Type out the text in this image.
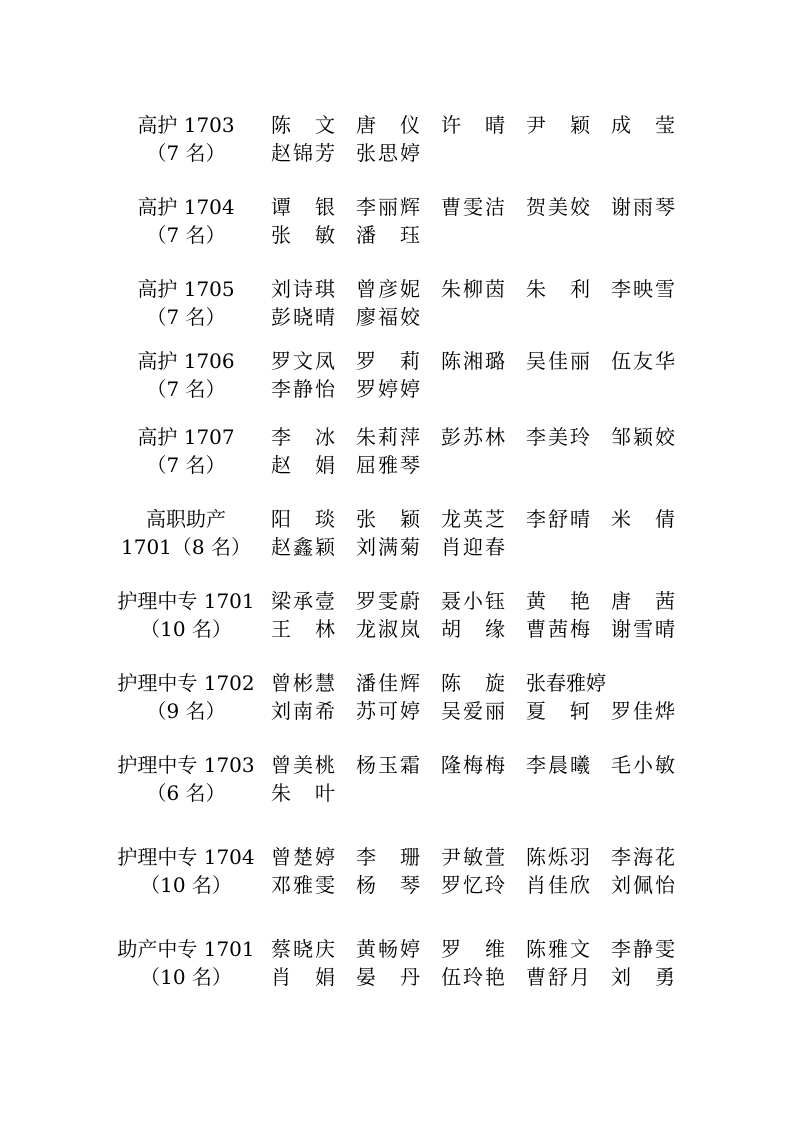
高护 1703
（7 名）
陈文 唐仪 许晴 尹颖 成莹
赵锦芳 张思婷
高护 1704
（7 名）
谭银 李丽辉 曹雯洁 贺美姣 谢雨琴
张敏 潘珏
高护 1705
（7 名）
刘诗琪 曾彦妮 朱柳茵 朱利 李映雪
彭晓晴 廖福姣
高护 1706
（7 名）
罗文凤 罗莉 陈湘璐 吴佳丽 伍友华
李静怡 罗婷婷
高护 1707
（7 名）
李冰 朱莉萍 彭苏林 李美玲 邹颖姣
赵娟 屈雅琴
高职助产
1701（8 名）
阳琰 张颖 龙英芝 李舒晴 米倩
赵鑫颖 刘满菊 肖迎春
护理中专 1701
（10 名）
梁承壹 罗雯蔚 聂小钰 黄艳 唐茜
王林 龙淑岚 胡缘 曹茜梅 谢雪晴
护理中专 1702
（9 名）
曾彬慧 潘佳辉 陈旋 张春雅婷
刘南希 苏可婷 吴爱丽 夏轲 罗佳烨
护理中专 1703
（6 名）
曾美桃 杨玉霜 隆梅梅 李晨曦 毛小敏
朱叶
护理中专 1704
（10 名）
曾楚婷 李珊 尹敏萱 陈烁羽 李海花
邓雅雯 杨琴 罗忆玲 肖佳欣 刘佩怡
助产中专 1701
（10 名）
蔡晓庆 黄畅婷 罗维 陈雅文 李静雯
肖娟 晏丹 伍玲艳 曹舒月 刘勇
